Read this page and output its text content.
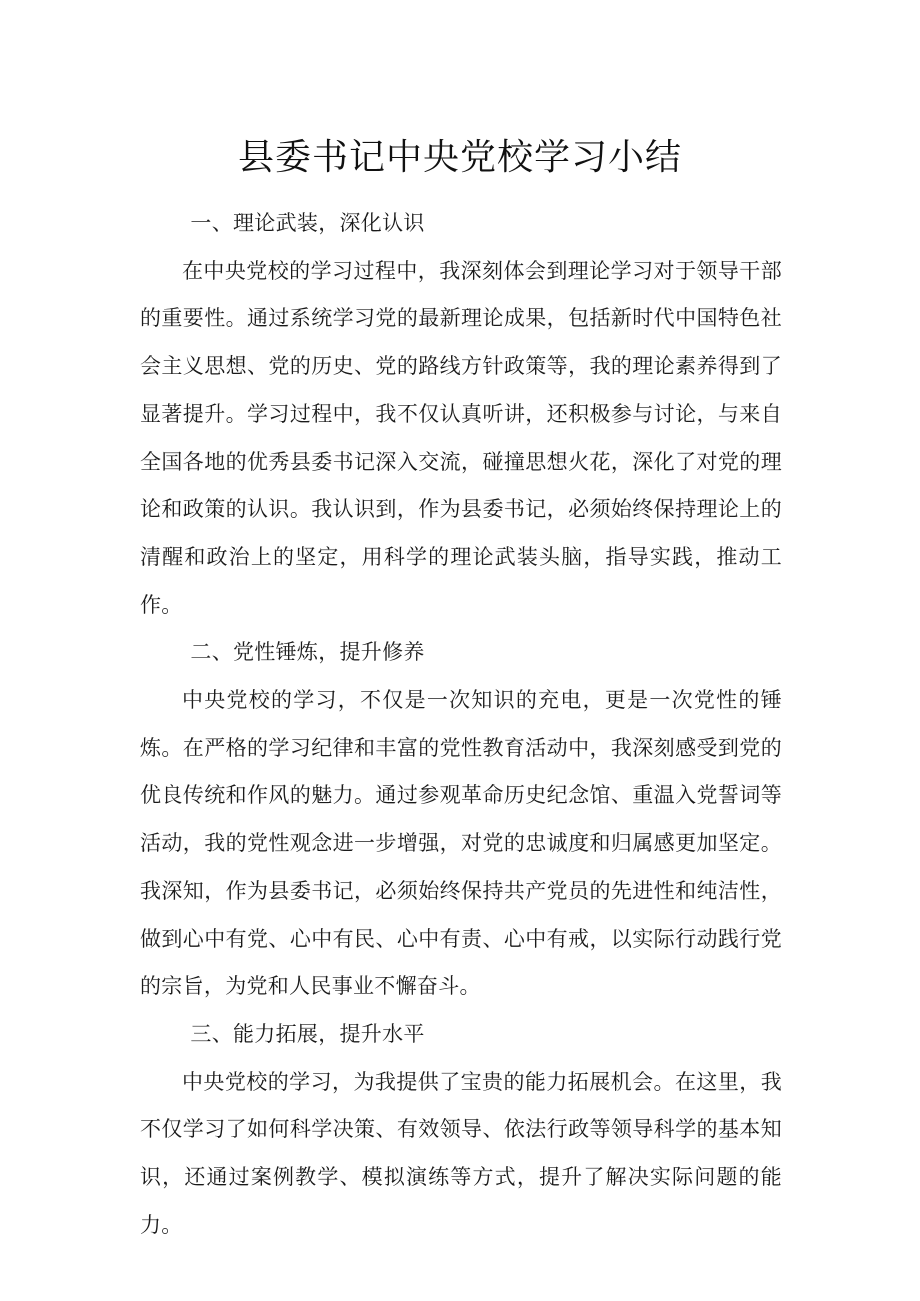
县委书记中央党校学习小结

一、理论武装，深化认识

在中央党校的学习过程中，我深刻体会到理论学习对于领导干部的重要性。通过系统学习党的最新理论成果，包括新时代中国特色社会主义思想、党的历史、党的路线方针政策等，我的理论素养得到了显著提升。学习过程中，我不仅认真听讲，还积极参与讨论，与来自全国各地的优秀县委书记深入交流，碰撞思想火花，深化了对党的理论和政策的认识。我认识到，作为县委书记，必须始终保持理论上的清醒和政治上的坚定，用科学的理论武装头脑，指导实践，推动工作。

二、党性锤炼，提升修养

中央党校的学习，不仅是一次知识的充电，更是一次党性的锤炼。在严格的学习纪律和丰富的党性教育活动中，我深刻感受到党的优良传统和作风的魅力。通过参观革命历史纪念馆、重温入党誓词等活动，我的党性观念进一步增强，对党的忠诚度和归属感更加坚定。我深知，作为县委书记，必须始终保持共产党员的先进性和纯洁性，做到心中有党、心中有民、心中有责、心中有戒，以实际行动践行党的宗旨，为党和人民事业不懈奋斗。

三、能力拓展，提升水平

中央党校的学习，为我提供了宝贵的能力拓展机会。在这里，我不仅学习了如何科学决策、有效领导、依法行政等领导科学的基本知识，还通过案例教学、模拟演练等方式，提升了解决实际问题的能力。
